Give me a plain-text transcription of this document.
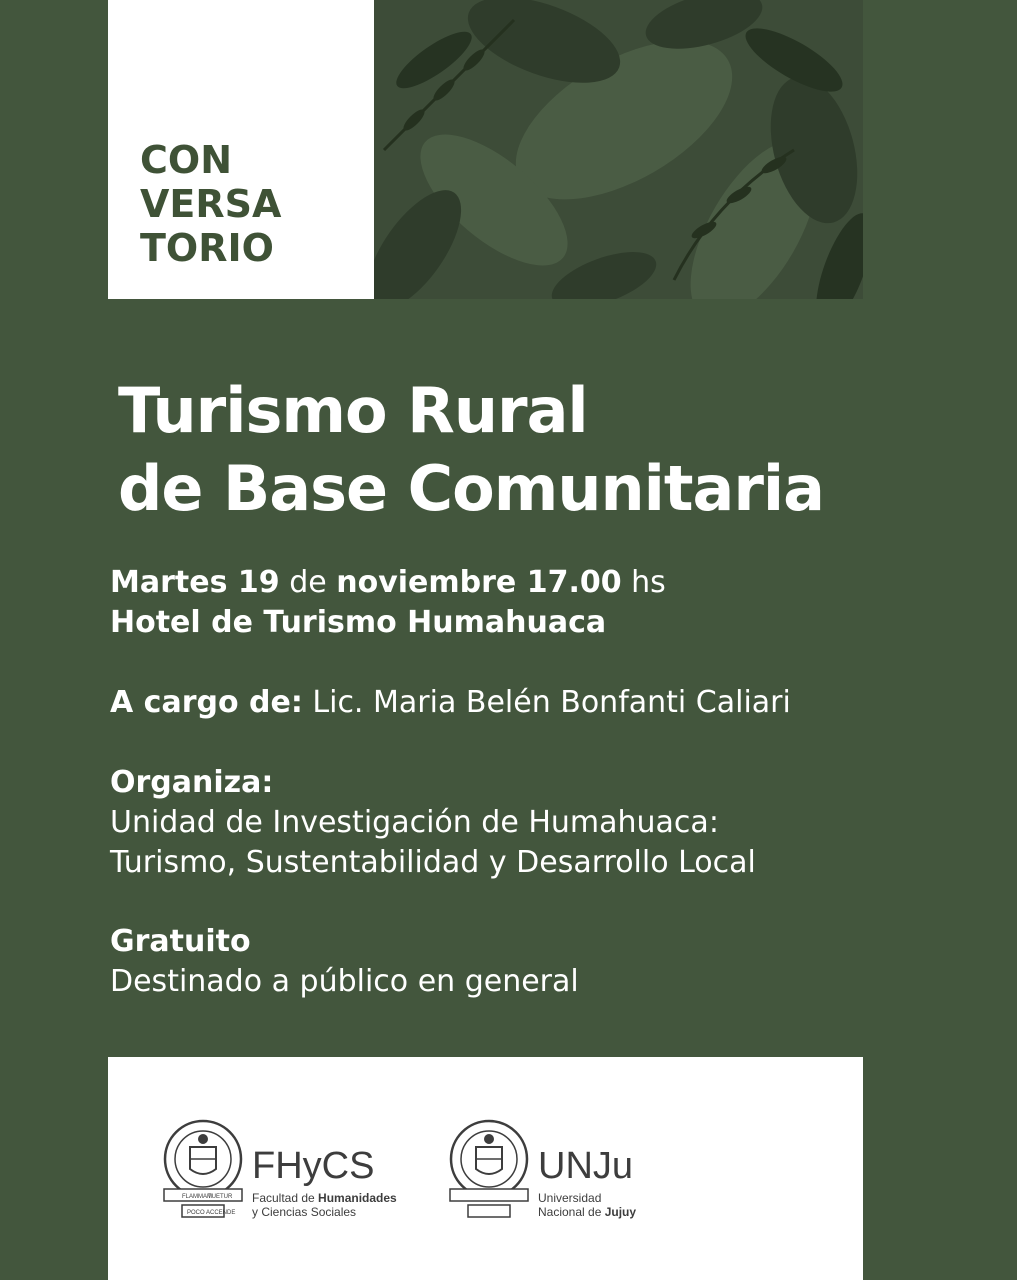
CON
VERSA
TORIO
Turismo Rural
de Base Comunitaria
Martes 19 de noviembre 17.00 hs
Hotel de Turismo Humahuaca
A cargo de: Lic. Maria Belén Bonfanti Caliari
Organiza:
Unidad de Investigación de Humahuaca:
Turismo, Sustentabilidad y Desarrollo Local
Gratuito
Destinado a público en general
FLAMMAM
TUETUR
POCO ACCENDE
FHyCS
Facultad de Humanidades
y Ciencias Sociales
UNJu
Universidad
Nacional de Jujuy
